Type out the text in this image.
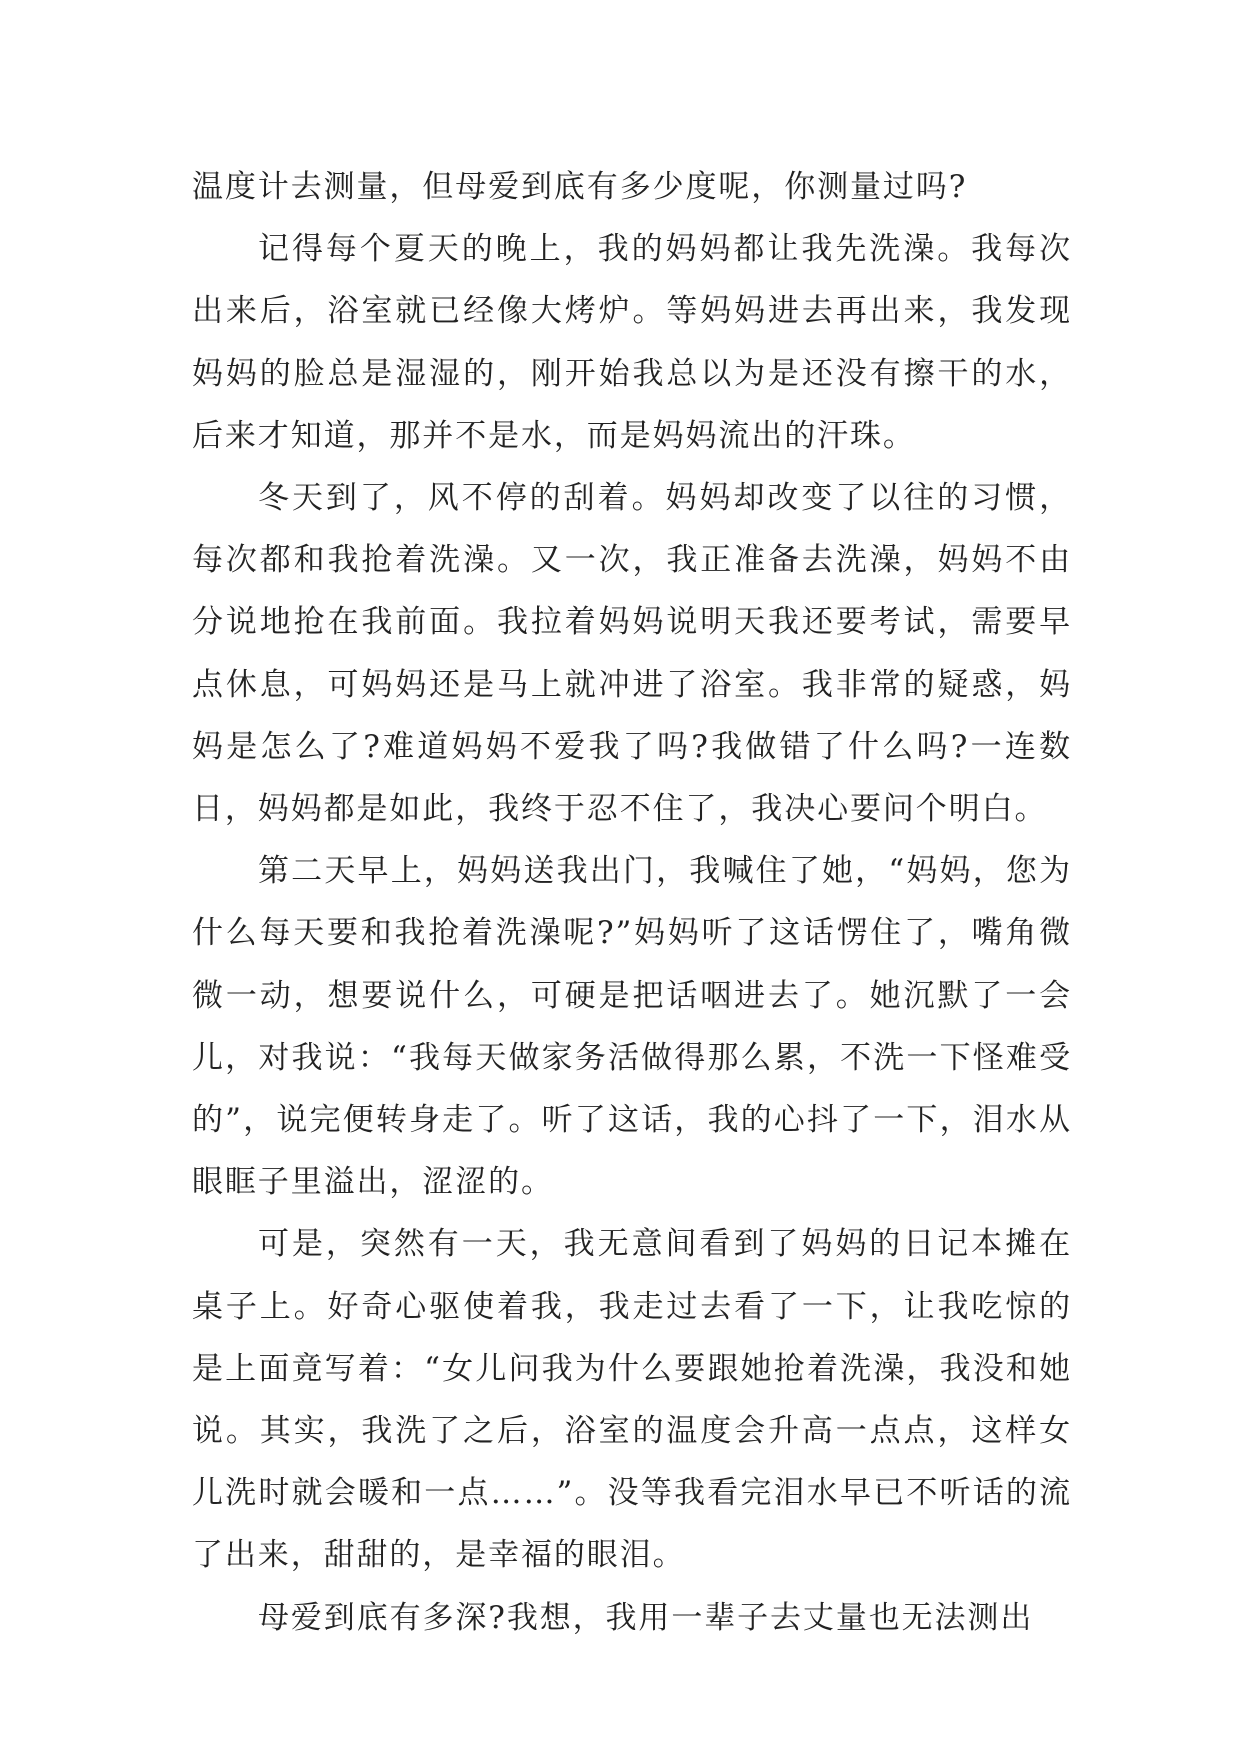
温度计去测量，但母爱到底有多少度呢，你测量过吗?

记得每个夏天的晚上，我的妈妈都让我先洗澡。我每次出来后，浴室就已经像大烤炉。等妈妈进去再出来，我发现妈妈的脸总是湿湿的，刚开始我总以为是还没有擦干的水，后来才知道，那并不是水，而是妈妈流出的汗珠。

冬天到了，风不停的刮着。妈妈却改变了以往的习惯，每次都和我抢着洗澡。又一次，我正准备去洗澡，妈妈不由分说地抢在我前面。我拉着妈妈说明天我还要考试，需要早点休息，可妈妈还是马上就冲进了浴室。我非常的疑惑，妈妈是怎么了?难道妈妈不爱我了吗?我做错了什么吗?一连数日，妈妈都是如此，我终于忍不住了，我决心要问个明白。

第二天早上，妈妈送我出门，我喊住了她，“妈妈，您为什么每天要和我抢着洗澡呢?”妈妈听了这话愣住了，嘴角微微一动，想要说什么，可硬是把话咽进去了。她沉默了一会儿，对我说：“我每天做家务活做得那么累，不洗一下怪难受的”，说完便转身走了。听了这话，我的心抖了一下，泪水从眼眶子里溢出，涩涩的。

可是，突然有一天，我无意间看到了妈妈的日记本摊在桌子上。好奇心驱使着我，我走过去看了一下，让我吃惊的是上面竟写着：“女儿问我为什么要跟她抢着洗澡，我没和她说。其实，我洗了之后，浴室的温度会升高一点点，这样女儿洗时就会暖和一点……”。没等我看完泪水早已不听话的流了出来，甜甜的，是幸福的眼泪。

母爱到底有多深?我想，我用一辈子去丈量也无法测出
